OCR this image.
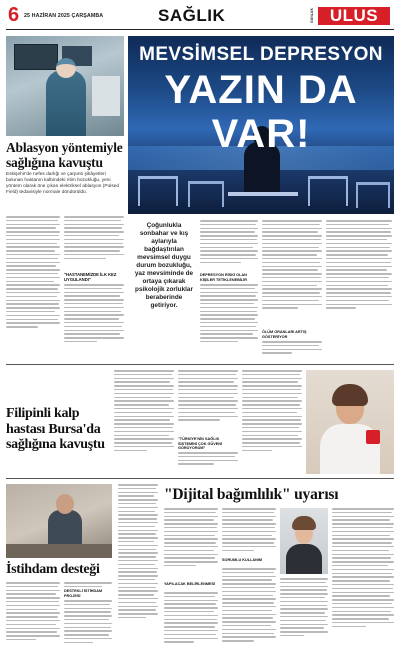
6 25 HAZİRAN 2025 ÇARŞAMBA	SAĞLIK	GÜNLÜK ULUS
Ablasyon yöntemiyle sağlığına kavuştu
Eskişehir'de nefes darlığı ve çarpıntı şikâyetleri bulunan hastanın kalbindeki ritim bozukluğu, yeni yöntem olarak öne çıkan elektriksel ablasyon (Pulsed Field) tedavisiyle normale döndürüldü.
"HASTANEMİZDE İLK KEZ UYGULANDI"
MEVSİMSEL DEPRESYON
YAZIN DA VAR!
Çoğunlukla sonbahar ve kış aylarıyla bağdaştırılan mevsimsel duygu durum bozukluğu, yaz mevsiminde de ortaya çıkarak psikolojik zorluklar beraberinde getiriyor.
DEPRESYON RİSKİ OLAN KİŞİLER TETİKLENEBİLİR
ÖLÜM ORANLARI ARTIŞ GÖSTERİYOR
Filipinli kalp hastası Bursa'da sağlığına kavuştu	"TÜRKİYE'NİN SAĞLIK SİSTEMİNİ ÇOK GÜVENİ GÖRÜYORUM"
İstihdam desteği
DESTEKLİ İSTİHDAM PROJESİ
"Dijital bağımlılık" uyarısı
YAPILACAK BELİRLENMESİ
SORUMLU KULLANIM
